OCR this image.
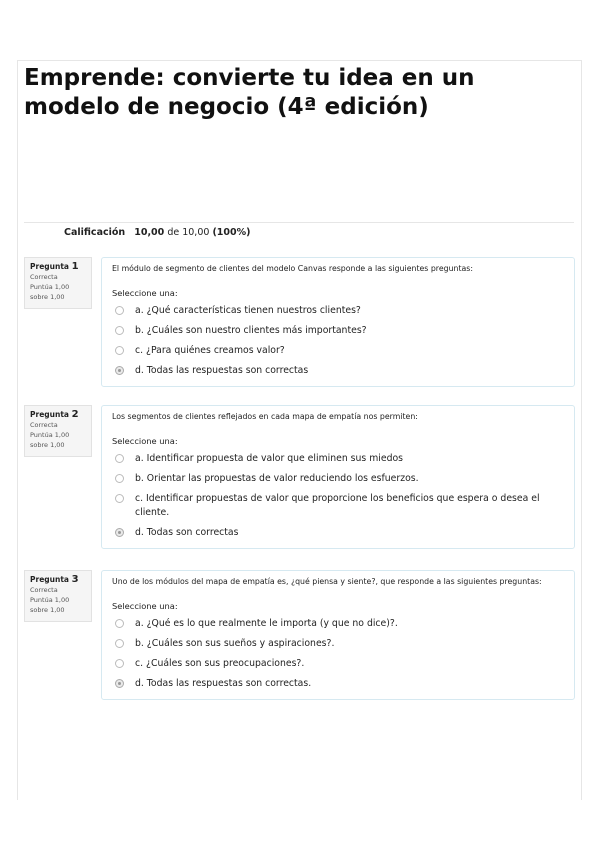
Emprende: convierte tu idea en un modelo de negocio (4ª edición)
Calificación 10,00 de 10,00 (100%)
Pregunta 1
Correcta
Puntúa 1,00
sobre 1,00
El módulo de segmento de clientes del modelo Canvas responde a las siguientes preguntas:
Seleccione una:
a. ¿Qué características tienen nuestros clientes?
b. ¿Cuáles son nuestro clientes más importantes?
c. ¿Para quiénes creamos valor?
d. Todas las respuestas son correctas
Pregunta 2
Correcta
Puntúa 1,00
sobre 1,00
Los segmentos de clientes reflejados en cada mapa de empatía nos permiten:
Seleccione una:
a. Identificar propuesta de valor que eliminen sus miedos
b. Orientar las propuestas de valor reduciendo los esfuerzos.
c. Identificar propuestas de valor que proporcione los beneficios que espera o desea el cliente.
d. Todas son correctas
Pregunta 3
Correcta
Puntúa 1,00
sobre 1,00
Uno de los módulos del mapa de empatía es, ¿qué piensa y siente?, que responde a las siguientes preguntas:
Seleccione una:
a. ¿Qué es lo que realmente le importa (y que no dice)?.
b. ¿Cuáles son sus sueños y aspiraciones?.
c. ¿Cuáles son sus preocupaciones?.
d. Todas las respuestas son correctas.
